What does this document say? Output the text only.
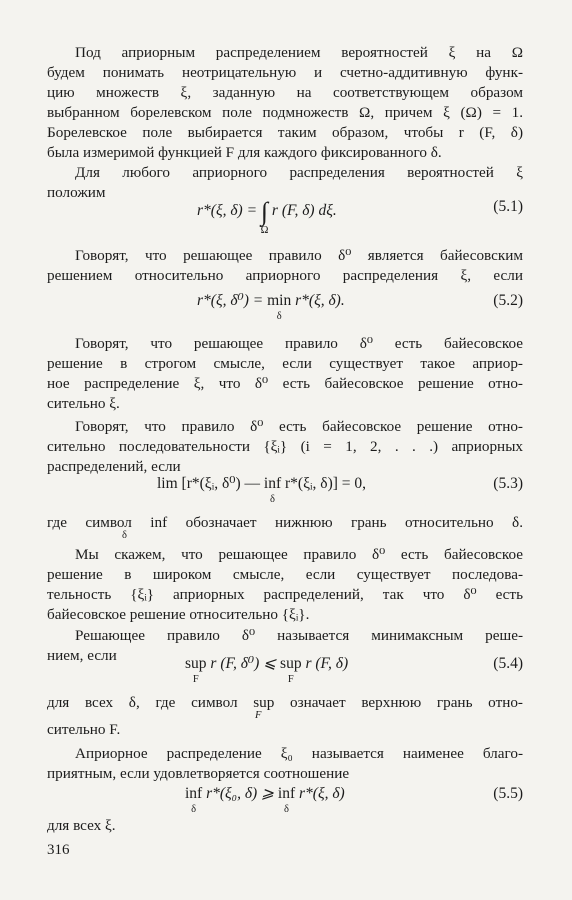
Под априорным распределением вероятностей ξ на Ω
будем понимать неотрицательную и счетно-аддитивную функ-
цию множеств ξ, заданную на соответствующем образом
выбранном борелевском поле подмножеств Ω, причем ξ (Ω) = 1.
Борелевское поле выбирается таким образом, чтобы r (F, δ)
была измеримой функцией F для каждого фиксированного δ.
Для любого априорного распределения вероятностей ξ
положим
Говорят, что решающее правило δ⁰ является байесовским
решением относительно априорного распределения ξ, если
Говорят, что решающее правило δ⁰ есть байесовское
решение в строгом смысле, если существует такое априор-
ное распределение ξ, что δ⁰ есть байесовское решение отно-
сительно ξ.
Говорят, что правило δ⁰ есть байесовское решение отно-
сительно последовательности {ξᵢ} (i = 1, 2, . . .) априорных
распределений, если
где символ inf обозначает нижнюю грань относительно δ.
Мы скажем, что решающее правило δ⁰ есть байесовское
решение в широком смысле, если существует последова-
тельность {ξᵢ} априорных распределений, так что δ⁰ есть
байесовское решение относительно {ξᵢ}.
Решающее правило δ⁰ называется минимаксным реше-
нием, если
для всех δ, где символ sup означает верхнюю грань отно-
сительно F.
Априорное распределение ξ₀ называется наименее благо-
приятным, если удовлетворяется соотношение
для всех ξ.
r*(ξ, δ) = ∫
Ω
r (F, δ) dξ.	(5.1)
r*(ξ, δ⁰) = min
δ
r*(ξ, δ).	(5.2)
lim [r*(ξᵢ, δ⁰) — inf
δ
r*(ξᵢ, δ)] = 0,	(5.3)
sup
F
r (F, δ⁰) ⩽ sup
F
r (F, δ)	(5.4)
inf
δ
r*(ξ₀, δ) ⩾ inf
δ
r*(ξ, δ)	(5.5)
δ
F
316
